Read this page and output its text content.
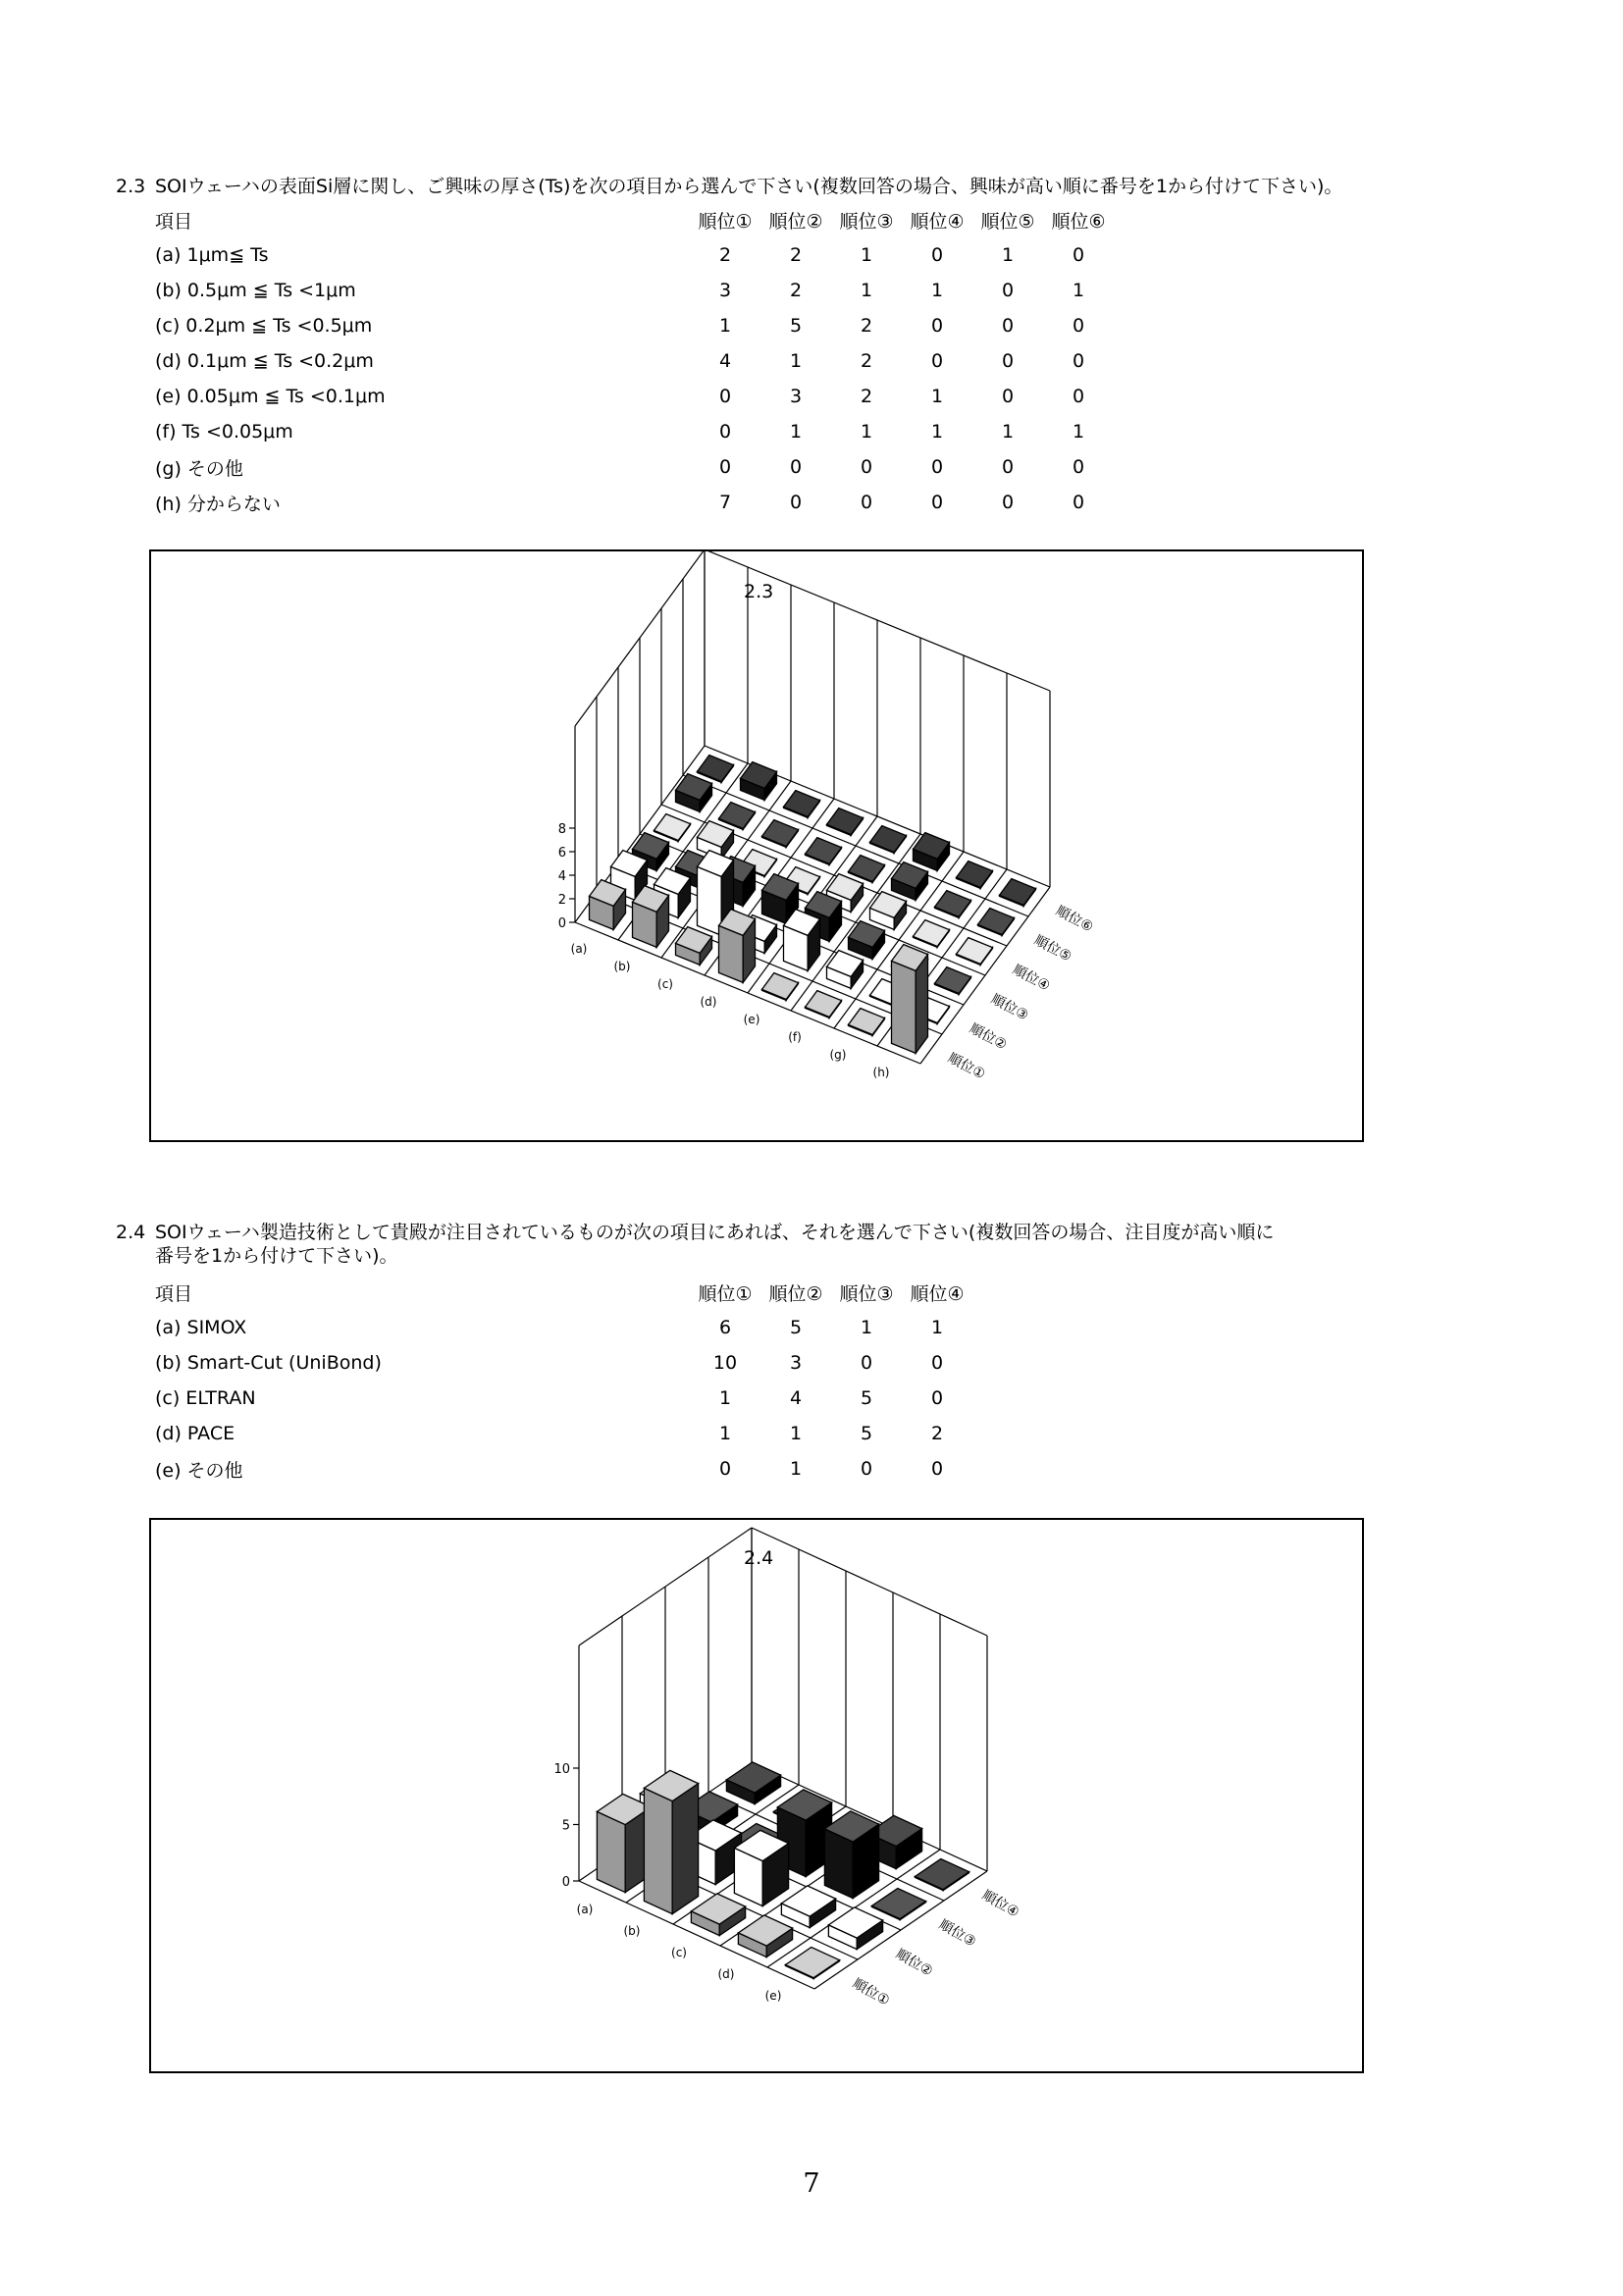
2.3 SOIウェーハの表面Si層に関し、ご興味の厚さ(Ts)を次の項目から選んで下さい(複数回答の場合、興味が高い順に番号を1から付けて下さい)。
項目	順位①	順位②	順位③	順位④	順位⑤	順位⑥
(a) 1μm≦ Ts	2	2	1	0	1	0
(b) 0.5μm ≦ Ts <1μm	3	2	1	1	0	1
(c) 0.2μm ≦ Ts <0.5μm	1	5	2	0	0	0
(d) 0.1μm ≦ Ts <0.2μm	4	1	2	0	0	0
(e) 0.05μm ≦ Ts <0.1μm	0	3	2	1	0	0
(f) Ts <0.05μm	0	1	1	1	1	1
(g) その他	0	0	0	0	0	0
(h) 分からない	7	0	0	0	0	0
2.3
0
2
4
6
8
(a)
(b)
(c)
(d)
(e)
(f)
(g)
(h)	順位①
順位②
順位③
順位④
順位⑤
順位⑥
2.4 SOIウェーハ製造技術として貴殿が注目されているものが次の項目にあれば、それを選んで下さい(複数回答の場合、注目度が高い順に
番号を1から付けて下さい)。
項目	順位①	順位②	順位③	順位④
(a) SIMOX	6	5	1	1
(b) Smart-Cut (UniBond)	10	3	0	0
(c) ELTRAN	1	4	5	0
(d) PACE	1	1	5	2
(e) その他	0	1	0	0
2.4
0
5
10
(a)
(b)
(c)
(d)
(e)	順位①
順位②
順位③
順位④
7
